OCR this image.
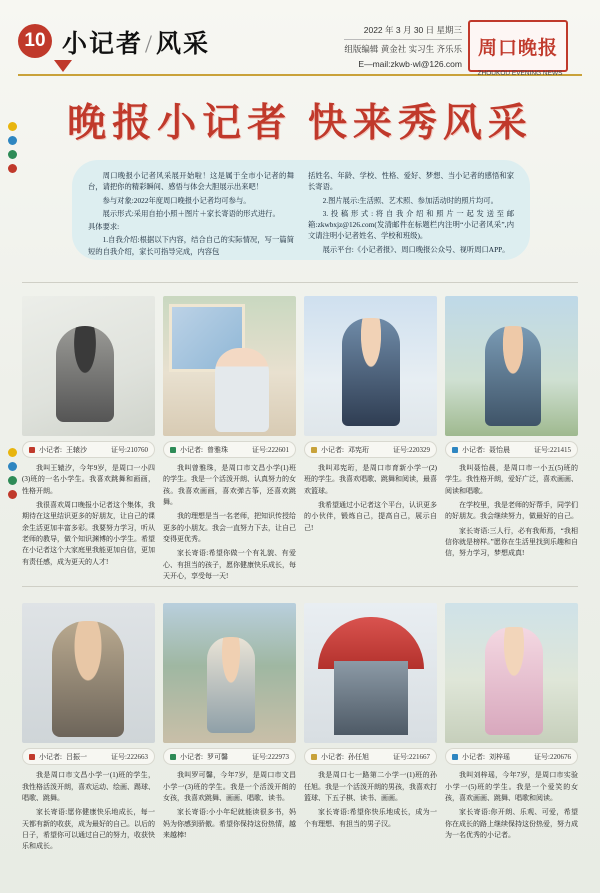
10 小记者/风采
2022 年 3 月 30 日 星期三
组版编辑 黄金社 实习生 齐乐乐
E—mail:zkwb·wl@126.com
周口晚报
ZHOUKOU EVENING NEWS
晚报小记者 快来秀风采

周口晚报小记者风采展开始啦！这是属于全市小记者的舞台，请把你的精彩瞬间、感悟与体会大胆展示出来吧！

参与对象:2022年度周口晚报小记者均可参与。

展示形式:采用自拍小照＋图片＋家长寄语的形式进行。

具体要求:

1.自我介绍:根据以下内容，结合自己的实际情况，写一篇简短的自我介绍，家长可指导完成，内容包

括姓名、年龄、学校、性格、爱好、梦想、当小记者的感悟和家长寄语。

2.图片展示:生活照、艺术照、参加活动时的照片均可。

3.投稿形式:将自我介绍和照片一起发送至邮箱:zkwbxjz@126.com(发清邮件在标题栏内注明“小记者风采”,内文请注明小记者姓名、学校和班级)。

展示平台:《小记者报》、周口晚报公众号、视听周口APP。

小记者: 王辕沙	证号:210760

我叫王辕汐，今年9岁，是周口一小四(3)班的一名小学生。我喜欢跳舞和画画，性格开朗。

我很喜欢周口晚报小记者这个集体，我期待在这里结识更多的好朋友，让自己的课余生活更加丰富多彩。我要努力学习，听从老师的教导，做个知识渊博的小学生。希望在小记者这个大家庭里我能更加自信，更加有责任感，成为更天的人才!

小记者: 曾雅珠	证号:222601

我叫曾雅珠，是周口市文昌小学(1)班的学生。我是一个活泼开朗、认真努力的女孩。我喜欢画画，喜欢弹古筝，还喜欢跳舞。

我的理想是当一名老师，把知识传授给更多的小朋友。我会一直努力下去，让自己变得更优秀。

家长寄语:希望你做一个有礼貌、有爱心、有担当的孩子，愿你健康快乐成长，每天开心，享受每一天!

小记者: 邓宪珩	证号:220329

我叫邓宪珩，是周口市育新小学一(2)班的学生。我喜欢唱歌、跳舞和阅读，最喜欢篮球。

我希望通过小记者这个平台，认识更多的小伙伴，锻炼自己，提高自己，展示自己!

小记者: 聂怡晨	证号:221415

我叫聂怡晨，是周口市一小五(5)班的学生。我性格开朗，爱好广泛，喜欢画画、阅读和唱歌。

在学校里，我是老师的好帮手，同学们的好朋友。我会继续努力，做最好的自己。

家长寄语:三人行，必有我师焉，“我相信你就是榜样。”愿你在生活里找到乐趣和自信，努力学习，梦想成真!

小记者: 吕振一	证号:222663

我是周口市文昌小学一(1)班的学生，我性格活泼开朗，喜欢运动、绘画、踢球、唱歌、跳舞。

家长寄语:愿你健康快乐地成长，每一天都有新的收获，成为最好的自己。以后的日子，希望你可以通过自己的努力，收获快乐和成长。

小记者: 罗可馨	证号:222973

我叫罗可馨，今年7岁，是周口市文昌小学一(3)班的学生。我是一个活泼开朗的女孩，我喜欢跳舞、画画、唱歌、读书。

家长寄语:小小年纪就能读很多书，妈妈为你感到骄傲。希望你保持这份热情，越来越棒!

小记者: 孙任旭	证号:221667

我是周口七一路第二小学一(1)班的孙任旭。我是一个活泼开朗的男孩，我喜欢打篮球、下五子棋、读书、画画。

家长寄语:希望你快乐地成长，成为一个有理想、有担当的男子汉。

小记者: 刘梓瑶	证号:220676

我叫刘梓瑶，今年7岁，是周口市实验小学一(5)班的学生。我是一个爱笑的女孩，喜欢画画、跳舞、唱歌和阅读。

家长寄语:你开朗、乐观、可爱，希望你在成长的路上继续保持这份热爱，努力成为一名优秀的小记者。
